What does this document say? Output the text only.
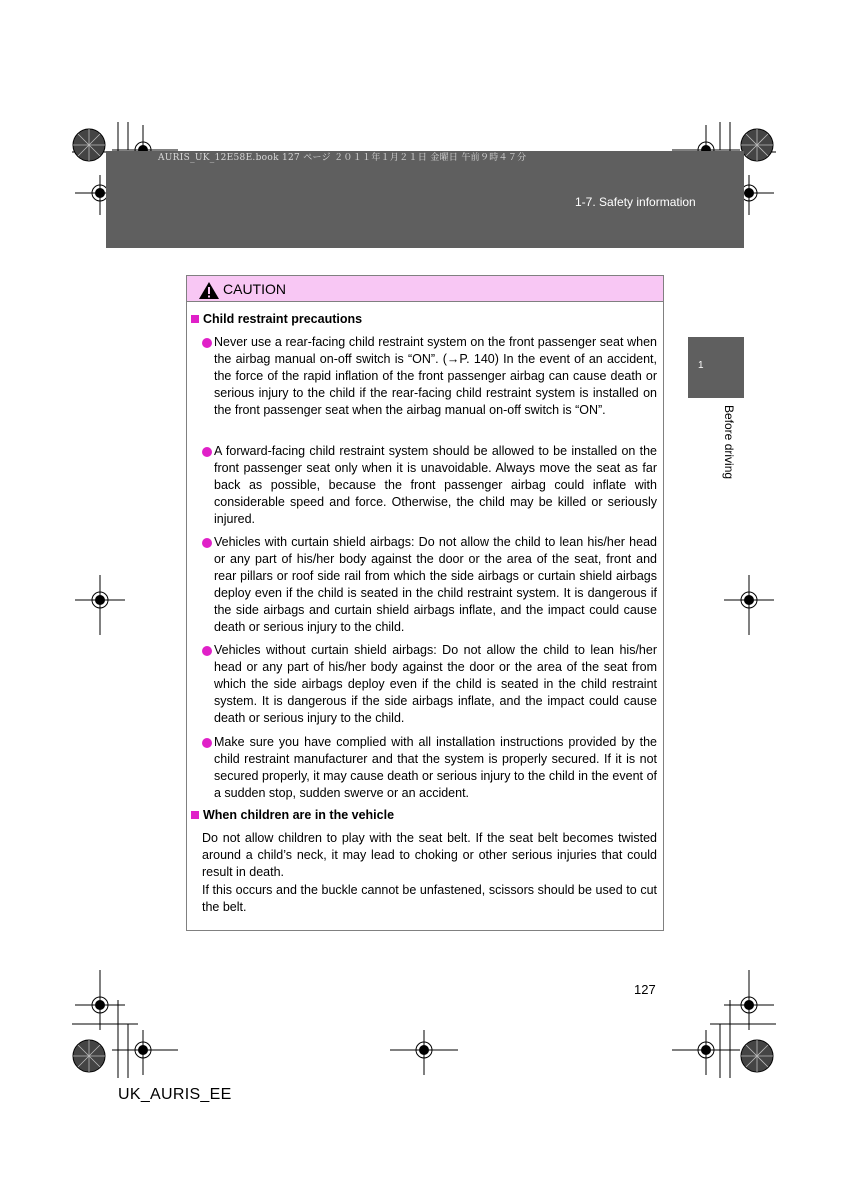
AURIS_UK_12E58E.book 127 ページ ２０１１年１月２１日 金曜日 午前９時４７分
1-7. Safety information
1
Before driving
CAUTION
Child restraint precautions
Never use a rear-facing child restraint system on the front passenger seat when the airbag manual on-off switch is “ON”. (→P. 140) In the event of an accident, the force of the rapid inflation of the front passenger airbag can cause death or serious injury to the child if the rear-facing child restraint system is installed on the front passenger seat when the airbag manual on-off switch is “ON”.
A forward-facing child restraint system should be allowed to be installed on the front passenger seat only when it is unavoidable. Always move the seat as far back as possible, because the front passenger airbag could inflate with considerable speed and force. Otherwise, the child may be killed or seriously injured.
Vehicles with curtain shield airbags: Do not allow the child to lean his/her head or any part of his/her body against the door or the area of the seat, front and rear pillars or roof side rail from which the side airbags or curtain shield airbags deploy even if the child is seated in the child restraint system. It is dangerous if the side airbags and curtain shield airbags inflate, and the impact could cause death or serious injury to the child.
Vehicles without curtain shield airbags: Do not allow the child to lean his/her head or any part of his/her body against the door or the area of the seat from which the side airbags deploy even if the child is seated in the child restraint system. It is dangerous if the side airbags inflate, and the impact could cause death or serious injury to the child.
Make sure you have complied with all installation instructions provided by the child restraint manufacturer and that the system is properly secured. If it is not secured properly, it may cause death or serious injury to the child in the event of a sudden stop, sudden swerve or an accident.
When children are in the vehicle
Do not allow children to play with the seat belt. If the seat belt becomes twisted around a child’s neck, it may lead to choking or other serious injuries that could result in death.
If this occurs and the buckle cannot be unfastened, scissors should be used to cut the belt.
127
UK_AURIS_EE
